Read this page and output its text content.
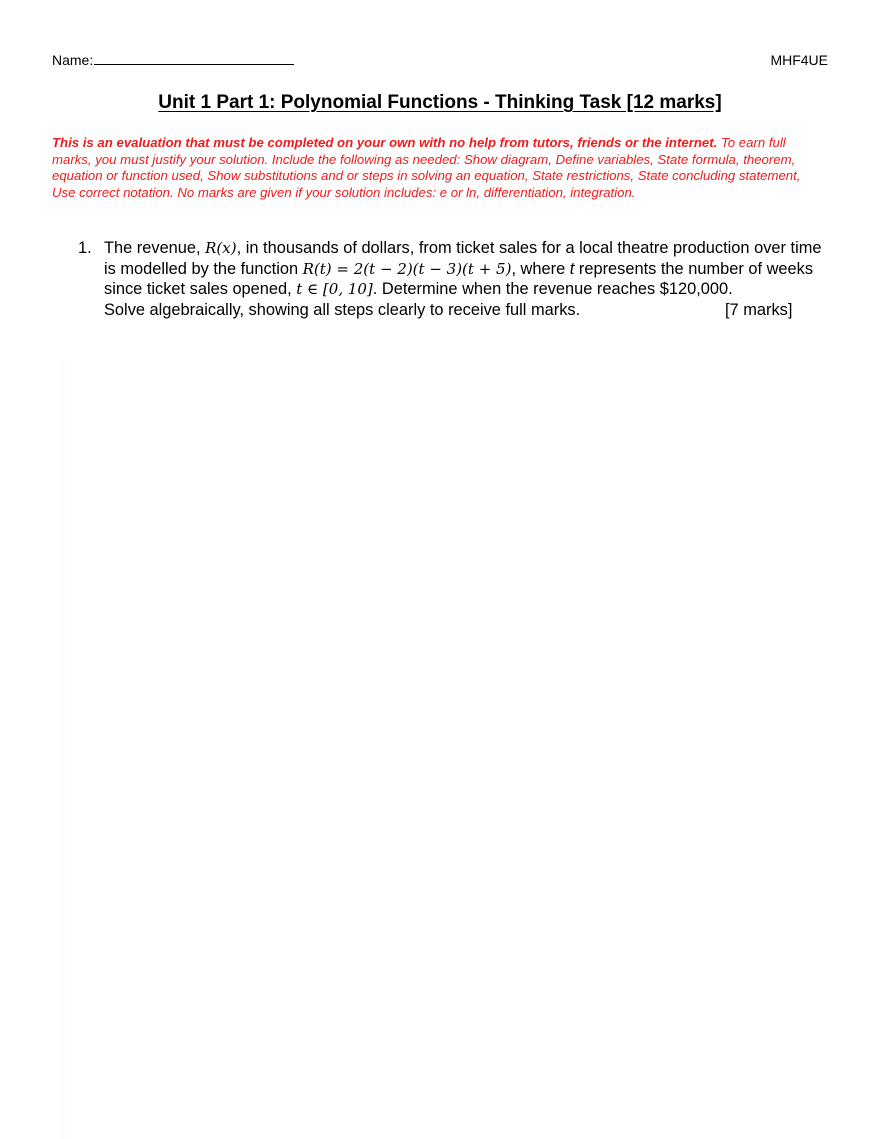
Name:	MHF4UE
Unit 1 Part 1: Polynomial Functions - Thinking Task [12 marks]
This is an evaluation that must be completed on your own with no help from tutors, friends or the internet. To earn full marks, you must justify your solution. Include the following as needed: Show diagram, Define variables, State formula, theorem, equation or function used, Show substitutions and or steps in solving an equation, State restrictions, State concluding statement, Use correct notation. No marks are given if your solution includes: e or ln, differentiation, integration.
1. The revenue, R(x), in thousands of dollars, from ticket sales for a local theatre production over time is modelled by the function R(t) = 2(t − 2)(t − 3)(t + 5), where t represents the number of weeks since ticket sales opened, t ∈ [0, 10]. Determine when the revenue reaches $120,000.
Solve algebraically, showing all steps clearly to receive full marks.	[7 marks]
